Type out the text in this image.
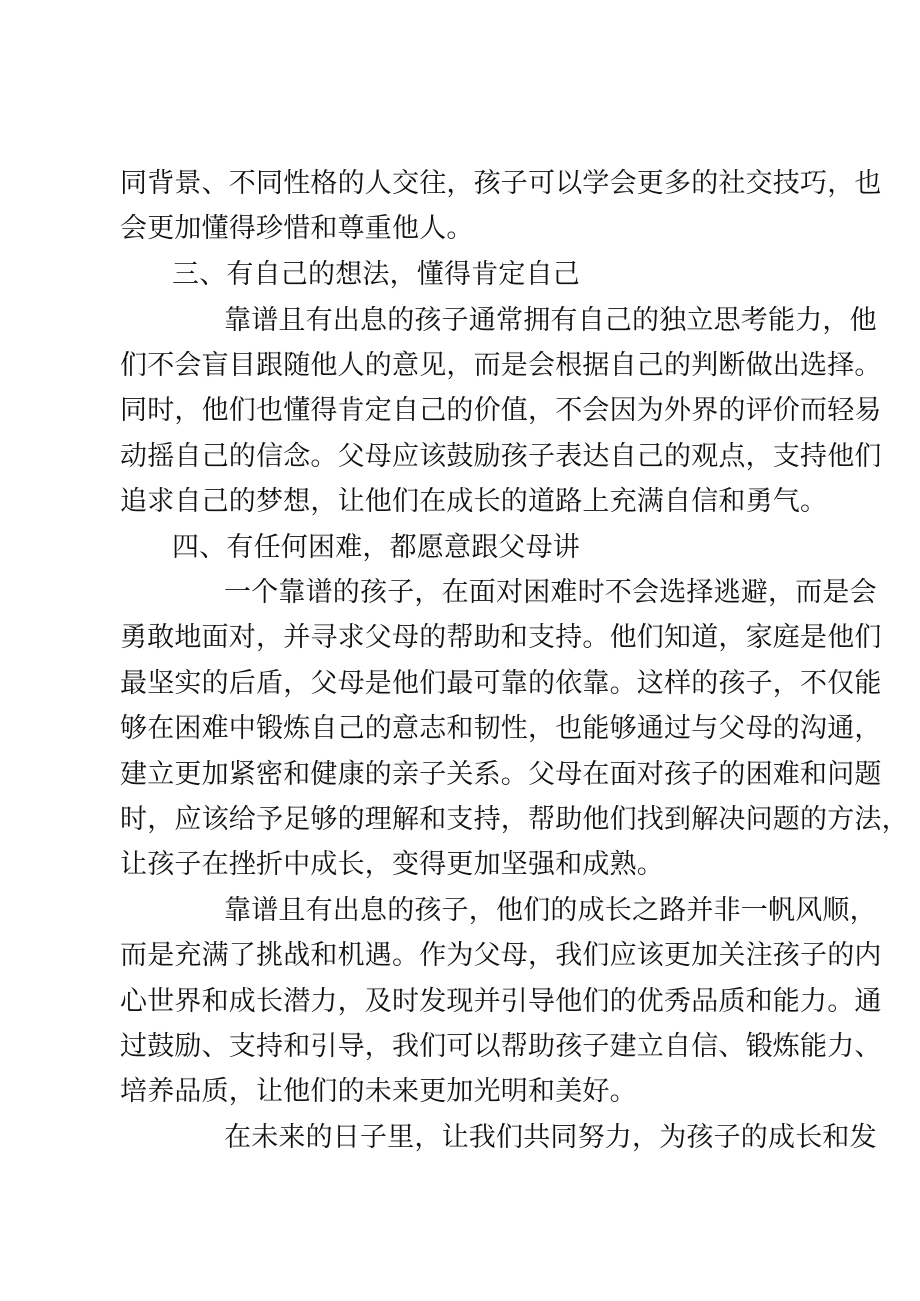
同背景、不同性格的人交往，孩子可以学会更多的社交技巧，也
会更加懂得珍惜和尊重他人。
三、有自己的想法，懂得肯定自己
靠谱且有出息的孩子通常拥有自己的独立思考能力，他
们不会盲目跟随他人的意见，而是会根据自己的判断做出选择。
同时，他们也懂得肯定自己的价值，不会因为外界的评价而轻易
动摇自己的信念。父母应该鼓励孩子表达自己的观点，支持他们
追求自己的梦想，让他们在成长的道路上充满自信和勇气。
四、有任何困难，都愿意跟父母讲
一个靠谱的孩子，在面对困难时不会选择逃避，而是会
勇敢地面对，并寻求父母的帮助和支持。他们知道，家庭是他们
最坚实的后盾，父母是他们最可靠的依靠。这样的孩子，不仅能
够在困难中锻炼自己的意志和韧性，也能够通过与父母的沟通，
建立更加紧密和健康的亲子关系。父母在面对孩子的困难和问题
时，应该给予足够的理解和支持，帮助他们找到解决问题的方法，
让孩子在挫折中成长，变得更加坚强和成熟。
靠谱且有出息的孩子，他们的成长之路并非一帆风顺，
而是充满了挑战和机遇。作为父母，我们应该更加关注孩子的内
心世界和成长潜力，及时发现并引导他们的优秀品质和能力。通
过鼓励、支持和引导，我们可以帮助孩子建立自信、锻炼能力、
培养品质，让他们的未来更加光明和美好。
在未来的日子里，让我们共同努力，为孩子的成长和发
